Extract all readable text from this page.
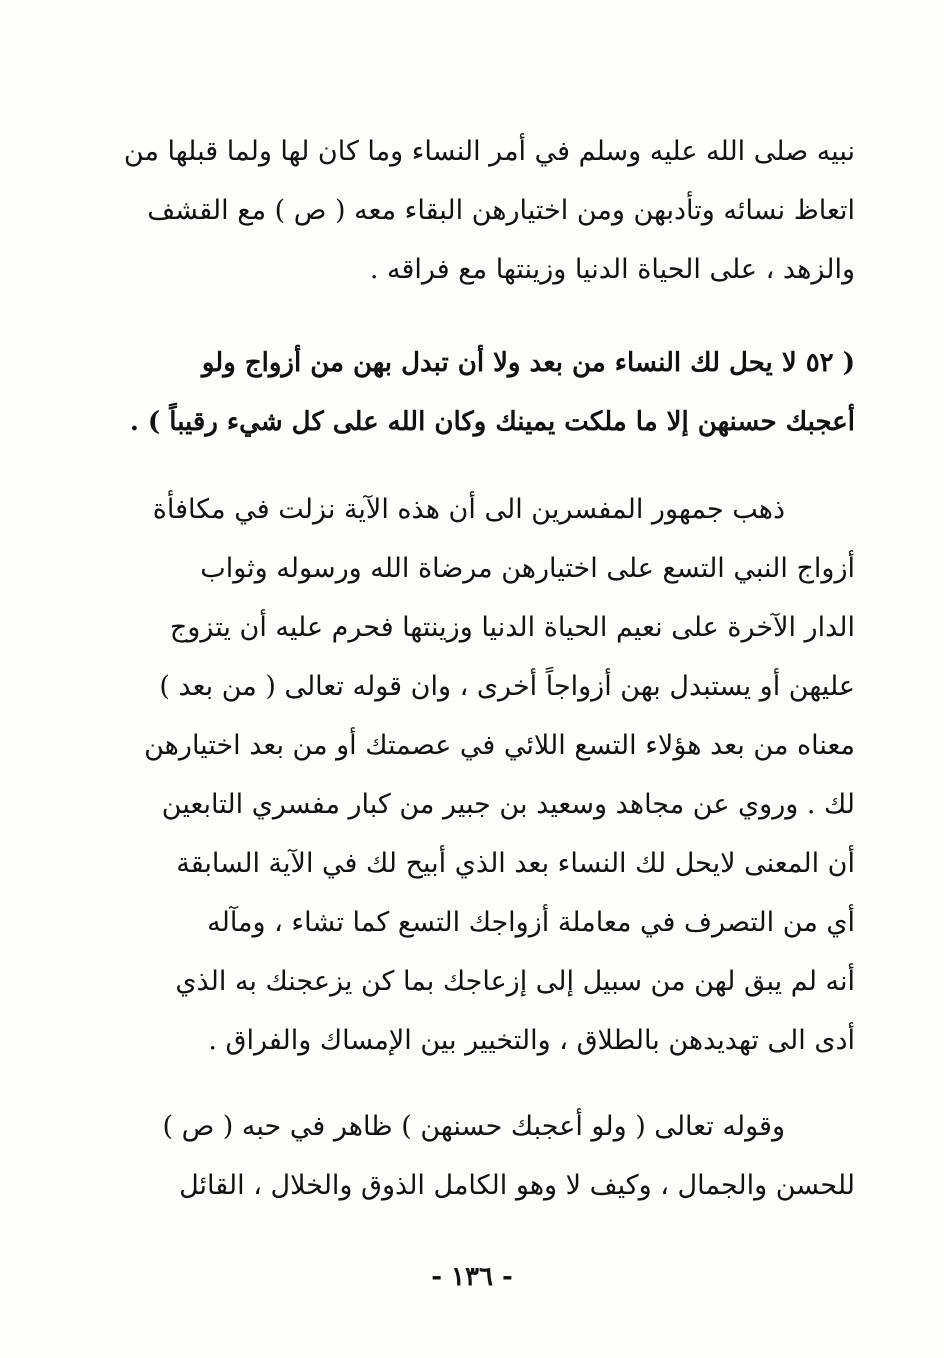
نبيه صلى الله عليه وسلم في أمر النساء وما كان لها ولما قبلها من
اتعاظ نسائه وتأدبهن ومن اختيارهن البقاء معه ( ص ) مع القشف
والزهد ، على الحياة الدنيا وزينتها مع فراقه .
( ٥٢ لا يحل لك النساء من بعد ولا أن تبدل بهن من أزواج ولو
أعجبك حسنهن إلا ما ملكت يمينك وكان الله على كل شيء رقيباً ) .
ذهب جمهور المفسرين الى أن هذه الآية نزلت في مكافأة
أزواج النبي التسع على اختيارهن مرضاة الله ورسوله وثواب
الدار الآخرة على نعيم الحياة الدنيا وزينتها فحرم عليه أن يتزوج
عليهن أو يستبدل بهن أزواجاً أخرى ، وان قوله تعالى ( من بعد )
معناه من بعد هؤلاء التسع اللائي في عصمتك أو من بعد اختيارهن
لك . وروي عن مجاهد وسعيد بن جبير من كبار مفسري التابعين
أن المعنى لايحل لك النساء بعد الذي أبيح لك في الآية السابقة
أي من التصرف في معاملة أزواجك التسع كما تشاء ، ومآله
أنه لم يبق لهن من سبيل إلى إزعاجك بما كن يزعجنك به الذي
أدى الى تهديدهن بالطلاق ، والتخيير بين الإمساك والفراق .
وقوله تعالى ( ولو أعجبك حسنهن ) ظاهر في حبه ( ص )
للحسن والجمال ، وكيف لا وهو الكامل الذوق والخلال ، القائل
- ١٣٦ -
